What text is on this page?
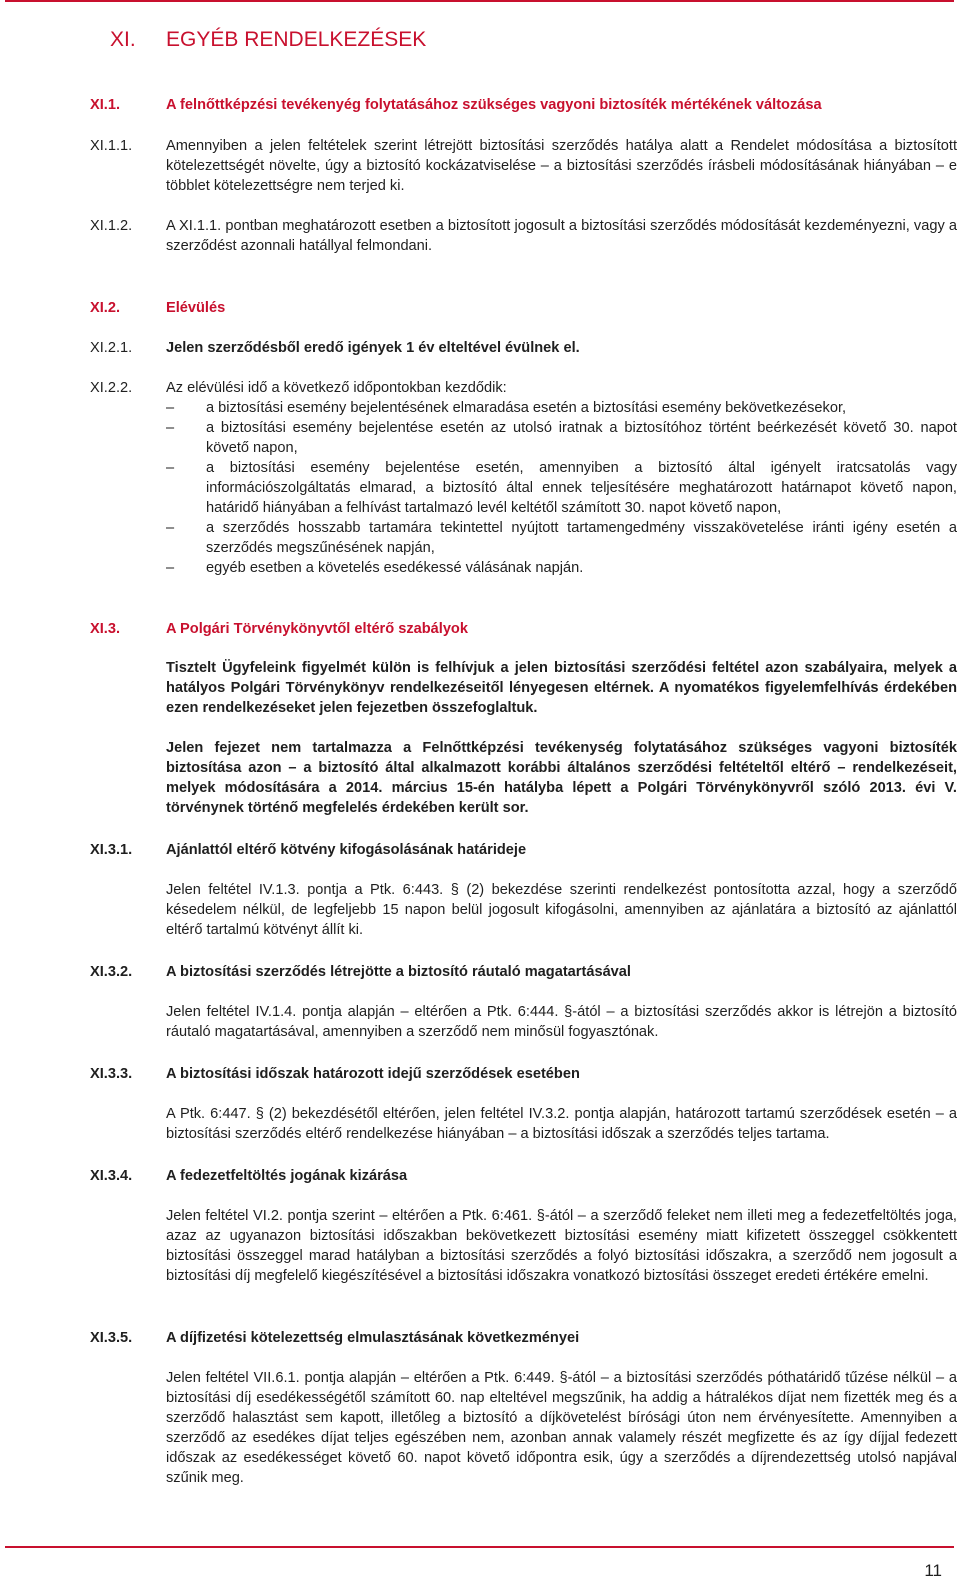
XI. EGYÉB RENDELKEZÉSEK
XI.1.	A felnőttképzési tevékenyég folytatásához szükséges vagyoni biztosíték mértékének változása
XI.1.1. Amennyiben a jelen feltételek szerint létrejött biztosítási szerződés hatálya alatt a Rendelet módosítása a biztosított kötelezettségét növelte, úgy a biztosító kockázatviselése – a biztosítási szerződés írásbeli módosításának hiányában – e többlet kötelezettségre nem terjed ki.
XI.1.2. A XI.1.1. pontban meghatározott esetben a biztosított jogosult a biztosítási szerződés módosítását kezdeményezni, vagy a szerződést azonnali hatállyal felmondani.
XI.2.	Elévülés
XI.2.1. Jelen szerződésből eredő igények 1 év elteltével évülnek el.
XI.2.2. Az elévülési idő a következő időpontokban kezdődik:
– a biztosítási esemény bejelentésének elmaradása esetén a biztosítási esemény bekövetkezésekor,
– a biztosítási esemény bejelentése esetén az utolsó iratnak a biztosítóhoz történt beérkezését követő 30. napot követő napon,
– a biztosítási esemény bejelentése esetén, amennyiben a biztosító által igényelt iratcsatolás vagy információszolgáltatás elmarad, a biztosító által ennek teljesítésére meghatározott határnapot követő napon, határidő hiányában a felhívást tartalmazó levél keltétől számított 30. napot követő napon,
– a szerződés hosszabb tartamára tekintettel nyújtott tartamengedmény visszakövetelése iránti igény esetén a szerződés megszűnésének napján,
– egyéb esetben a követelés esedékessé válásának napján.
XI.3.	A Polgári Törvénykönyvtől eltérő szabályok
Tisztelt Ügyfeleink figyelmét külön is felhívjuk a jelen biztosítási szerződési feltétel azon szabályaira, melyek a hatályos Polgári Törvénykönyv rendelkezéseitől lényegesen eltérnek. A nyomatékos figyelemfelhívás érdekében ezen rendelkezéseket jelen fejezetben összefoglaltuk.
Jelen fejezet nem tartalmazza a Felnőttképzési tevékenység folytatásához szükséges vagyoni biztosíték biztosítása azon – a biztosító által alkalmazott korábbi általános szerződési feltételtől eltérő – rendelkezéseit, melyek módosítására a 2014. március 15-én hatályba lépett a Polgári Törvénykönyvről szóló 2013. évi V. törvénynek történő megfelelés érdekében került sor.
XI.3.1. Ajánlattól eltérő kötvény kifogásolásának határideje
Jelen feltétel IV.1.3. pontja a Ptk. 6:443. § (2) bekezdése szerinti rendelkezést pontosította azzal, hogy a szerződő késedelem nélkül, de legfeljebb 15 napon belül jogosult kifogásolni, amennyiben az ajánlatára a biztosító az ajánlattól eltérő tartalmú kötvényt állít ki.
XI.3.2. A biztosítási szerződés létrejötte a biztosító ráutaló magatartásával
Jelen feltétel IV.1.4. pontja alapján – eltérően a Ptk. 6:444. §-ától – a biztosítási szerződés akkor is létrejön a biztosító ráutaló magatartásával, amennyiben a szerződő nem minősül fogyasztónak.
XI.3.3. A biztosítási időszak határozott idejű szerződések esetében
A Ptk. 6:447. § (2) bekezdésétől eltérően, jelen feltétel IV.3.2. pontja alapján, határozott tartamú szerződések esetén – a biztosítási szerződés eltérő rendelkezése hiányában – a biztosítási időszak a szerződés teljes tartama.
XI.3.4. A fedezetfeltöltés jogának kizárása
Jelen feltétel VI.2. pontja szerint – eltérően a Ptk. 6:461. §-ától – a szerződő feleket nem illeti meg a fedezetfeltöltés joga, azaz az ugyanazon biztosítási időszakban bekövetkezett biztosítási esemény miatt kifizetett összeggel csökkentett biztosítási összeggel marad hatályban a biztosítási szerződés a folyó biztosítási időszakra, a szerződő nem jogosult a biztosítási díj megfelelő kiegészítésével a biztosítási időszakra vonatkozó biztosítási összeget eredeti értékére emelni.
XI.3.5. A díjfizetési kötelezettség elmulasztásának következményei
Jelen feltétel VII.6.1. pontja alapján – eltérően a Ptk. 6:449. §-ától – a biztosítási szerződés póthatáridő tűzése nélkül – a biztosítási díj esedékességétől számított 60. nap elteltével megszűnik, ha addig a hátralékos díjat nem fizették meg és a szerződő halasztást sem kapott, illetőleg a biztosító a díjkövetelést bírósági úton nem érvényesítette. Amennyiben a szerződő az esedékes díjat teljes egészében nem, azonban annak valamely részét megfizette és az így díjjal fedezett időszak az esedékességet követő 60. napot követő időpontra esik, úgy a szerződés a díjrendezettség utolsó napjával szűnik meg.
11
